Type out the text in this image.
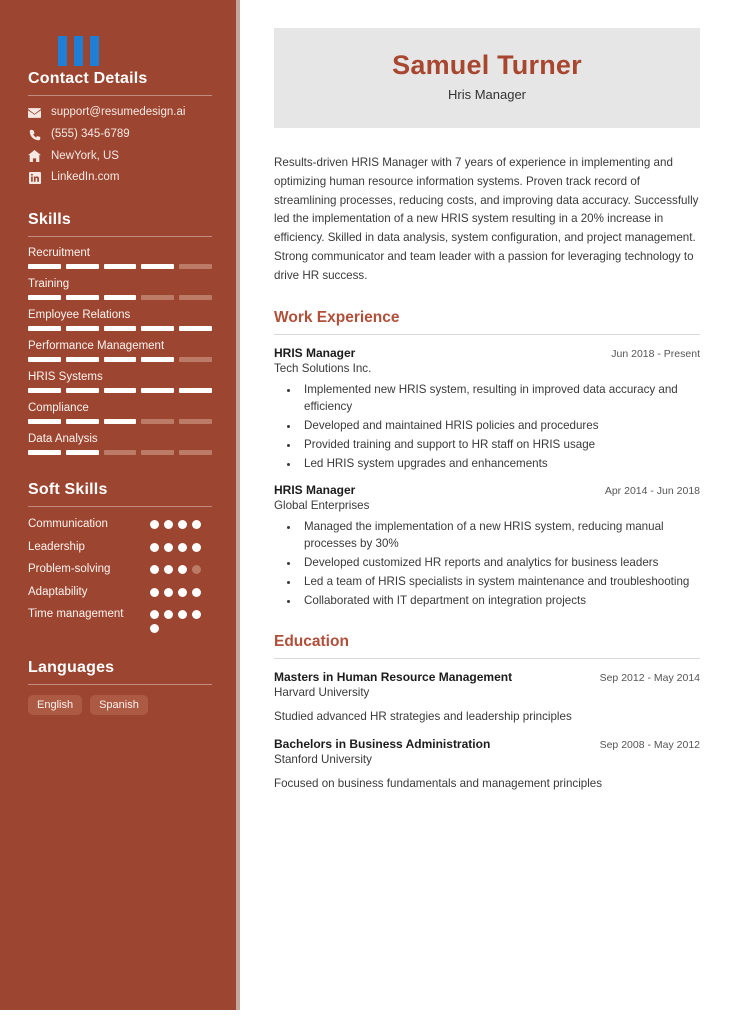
Contact Details
support@resumedesign.ai
(555) 345-6789
NewYork, US
LinkedIn.com
Skills
Recruitment
Training
Employee Relations
Performance Management
HRIS Systems
Compliance
Data Analysis
Soft Skills
Communication
Leadership
Problem-solving
Adaptability
Time management
Languages
English	Spanish
Samuel Turner
Hris Manager

Results-driven HRIS Manager with 7 years of experience in implementing and optimizing human resource information systems. Proven track record of streamlining processes, reducing costs, and improving data accuracy. Successfully led the implementation of a new HRIS system resulting in a 20% increase in efficiency. Skilled in data analysis, system configuration, and project management. Strong communicator and team leader with a passion for leveraging technology to drive HR success.

Work Experience
HRIS Manager	Jun 2018 - Present
Tech Solutions Inc.
• Implemented new HRIS system, resulting in improved data accuracy and efficiency
• Developed and maintained HRIS policies and procedures
• Provided training and support to HR staff on HRIS usage
• Led HRIS system upgrades and enhancements
HRIS Manager	Apr 2014 - Jun 2018
Global Enterprises
• Managed the implementation of a new HRIS system, reducing manual processes by 30%
• Developed customized HR reports and analytics for business leaders
• Led a team of HRIS specialists in system maintenance and troubleshooting
• Collaborated with IT department on integration projects
Education
Masters in Human Resource Management	Sep 2012 - May 2014
Harvard University
Studied advanced HR strategies and leadership principles
Bachelors in Business Administration	Sep 2008 - May 2012
Stanford University
Focused on business fundamentals and management principles
